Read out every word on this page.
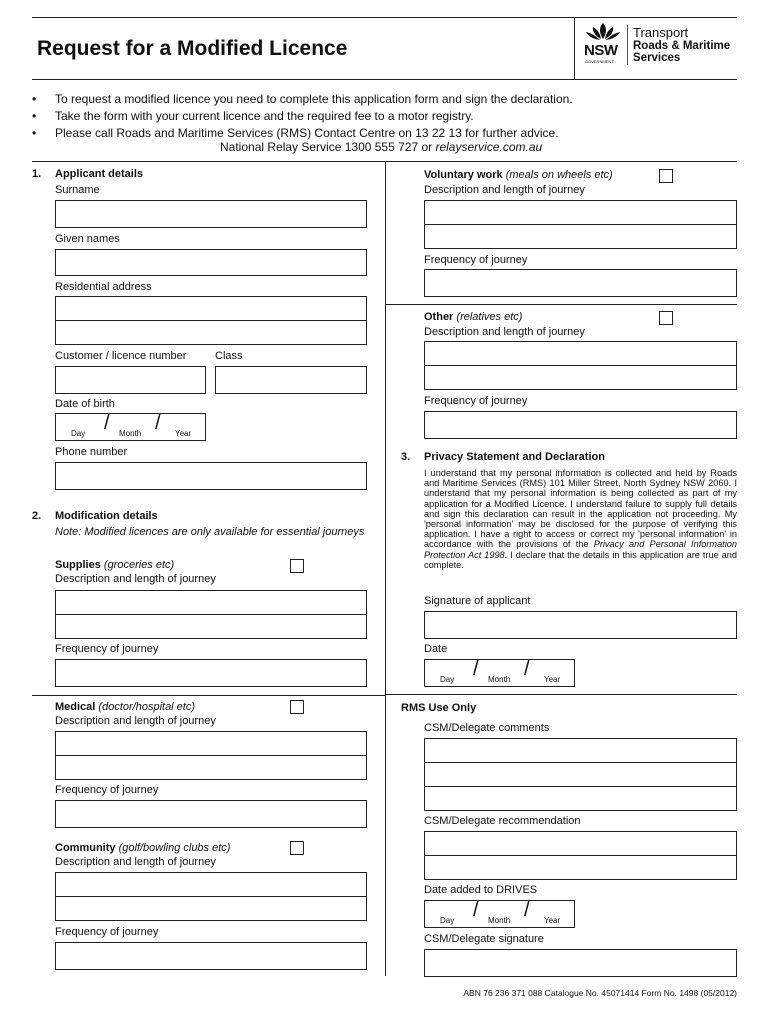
Request for a Modified Licence	NSW
GOVERNMENT
Transport
Roads & Maritime
Services
• To request a modified licence you need to complete this application form and sign the declaration.
• Take the form with your current licence and the required fee to a motor registry.
• Please call Roads and Maritime Services (RMS) Contact Centre on 13 22 13 for further advice.
National Relay Service 1300 555 727 or relayservice.com.au
1. Applicant details
Surname
Given names
Residential address
Customer / licence number	Class
Date of birth
Day / Month / Year
Phone number
2. Modification details
Note: Modified licences are only available for essential journeys
Supplies (groceries etc)
Description and length of journey
Frequency of journey
Medical (doctor/hospital etc)
Description and length of journey
Frequency of journey
Community (golf/bowling clubs etc)
Description and length of journey
Frequency of journey
Voluntary work (meals on wheels etc)
Description and length of journey
Frequency of journey
Other (relatives etc)
Description and length of journey
Frequency of journey
3. Privacy Statement and Declaration
I understand that my personal information is collected and held by Roads and Maritime Services (RMS) 101 Miller Street, North Sydney NSW 2060. I understand that my personal information is being collected as part of my application for a Modified Licence. I understand failure to supply full details and sign this declaration can result in the application not proceeding. My 'personal information' may be disclosed for the purpose of verifying this application. I have a right to access or correct my 'personal information' in accordance with the provisions of the Privacy and Personal Information Protection Act 1998. I declare that the details in this application are true and complete.
Signature of applicant
Date
Day / Month / Year
RMS Use Only
CSM/Delegate comments
CSM/Delegate recommendation
Date added to DRIVES
Day / Month / Year
CSM/Delegate signature
ABN 76 236 371 088 Catalogue No. 45071414 Form No. 1498 (05/2012)
